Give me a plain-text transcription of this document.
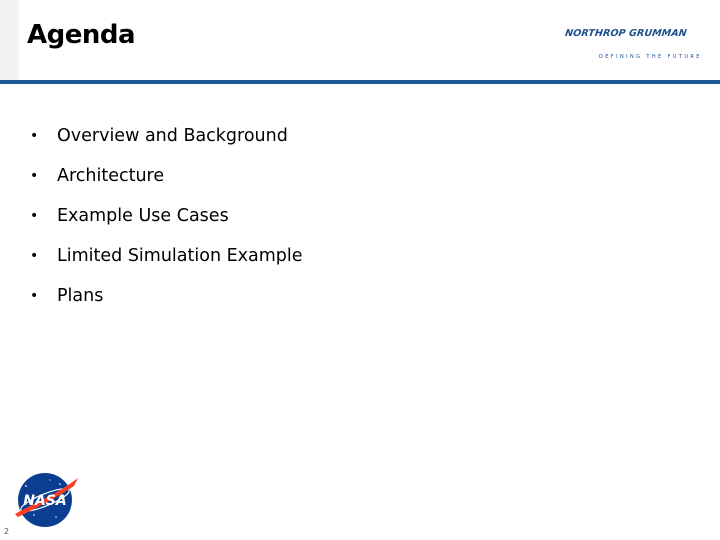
Agenda	NORTHROP GRUMMAN
DEFINING THE FUTURE
• Overview and Background
• Architecture
• Example Use Cases
• Limited Simulation Example
• Plans
NASA
2
